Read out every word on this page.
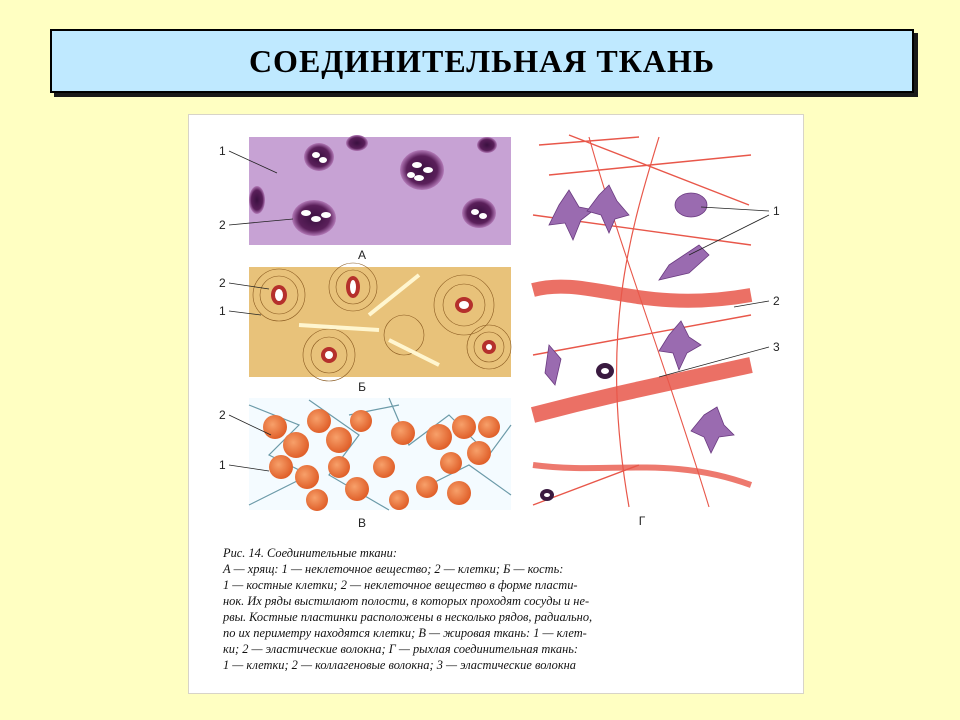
СОЕДИНИТЕЛЬНАЯ ТКАНЬ
1
2
А
2
1
Б
2
1
В
1
2
3
Г
Рис. 14. Соединительные ткани:
А — хрящ: 1 — неклеточное вещество; 2 — клетки; Б — кость:
1 — костные клетки; 2 — неклеточное вещество в форме пласти-
нок. Их ряды выстилают полости, в которых проходят сосуды и не-
рвы. Костные пластинки расположены в несколько рядов, радиально,
по их периметру находятся клетки; В — жировая ткань: 1 — клет-
ки; 2 — эластические волокна; Г — рыхлая соединительная ткань:
1 — клетки; 2 — коллагеновые волокна; 3 — эластические волокна
